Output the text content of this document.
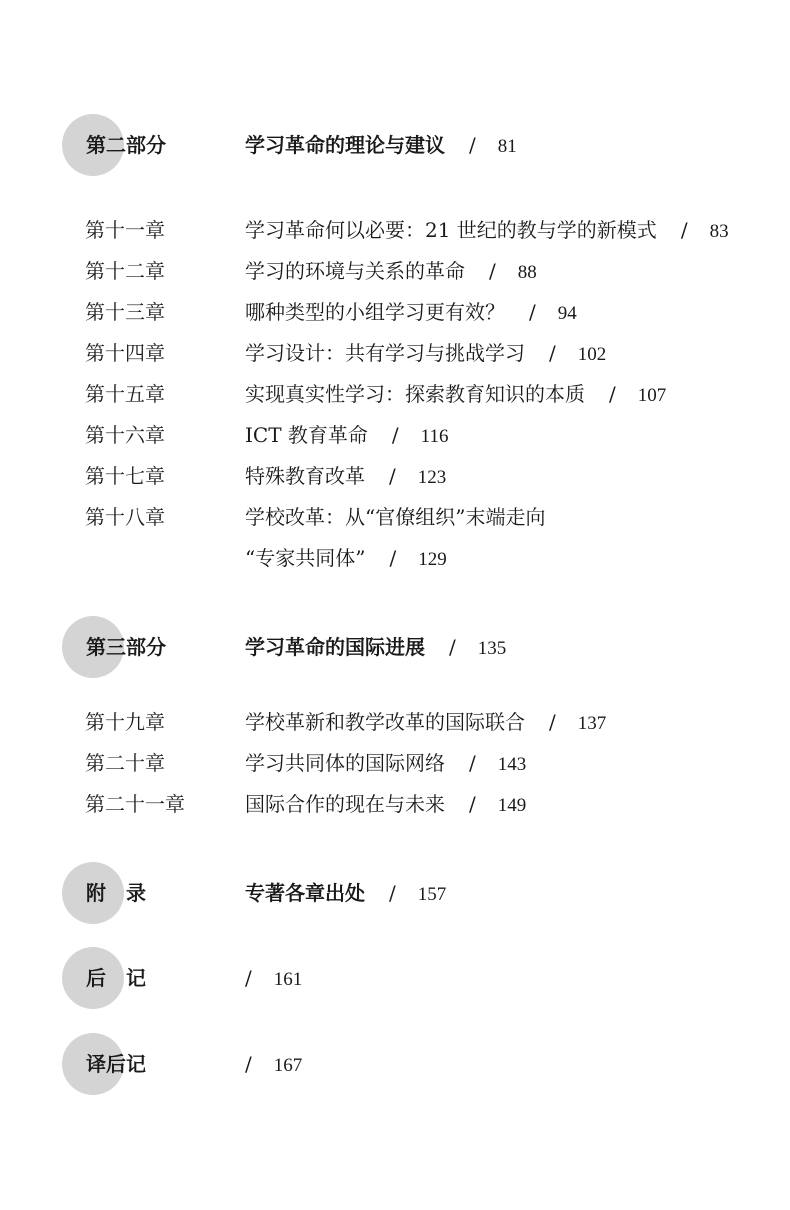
第二部分	学习革命的理论与建议 / 81
第十一章	学习革命何以必要：21 世纪的教与学的新模式 / 83
第十二章	学习的环境与关系的革命 / 88
第十三章	哪种类型的小组学习更有效？ / 94
第十四章	学习设计：共有学习与挑战学习 / 102
第十五章	实现真实性学习：探索教育知识的本质 / 107
第十六章	ICT 教育革命 / 116
第十七章	特殊教育改革 / 123
第十八章	学校改革：从“官僚组织”末端走向
“专家共同体” / 129
第三部分	学习革命的国际进展 / 135
第十九章	学校革新和教学改革的国际联合 / 137
第二十章	学习共同体的国际网络 / 143
第二十一章	国际合作的现在与未来 / 149
附　录	专著各章出处 / 157
后　记	/ 161
译后记	/ 167
